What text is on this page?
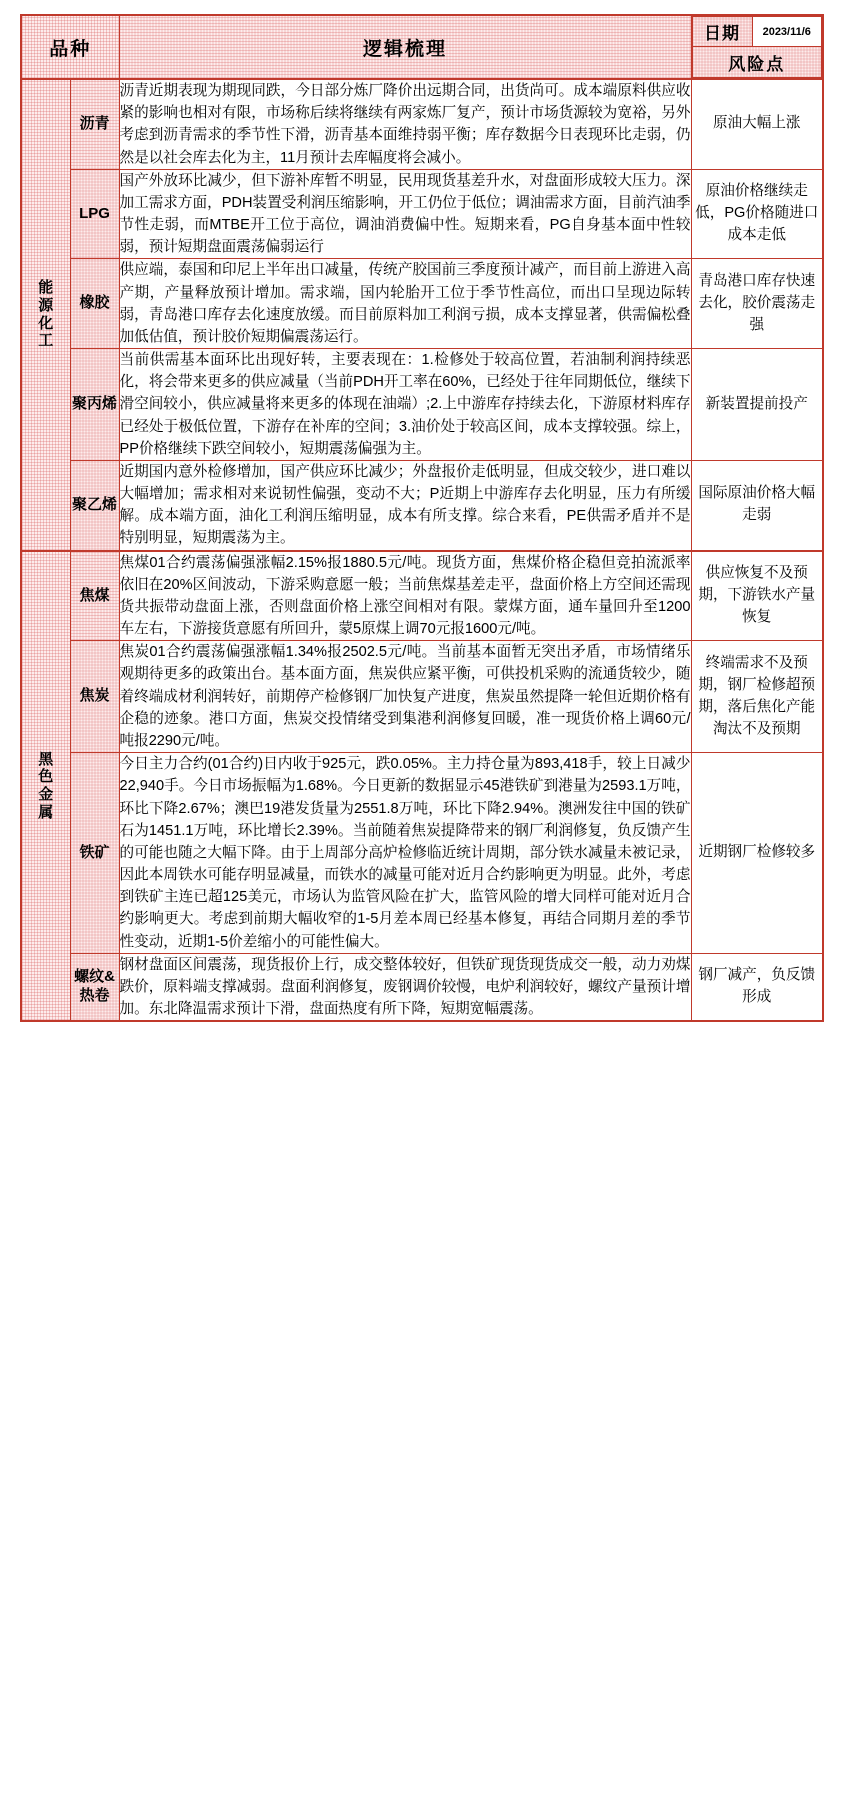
品种	逻辑梳理	
日期	2023/11/6
风险点

能源化工
	沥青	沥青近期表现为期现同跌，今日部分炼厂降价出远期合同，出货尚可。成本端原料供应收紧的影响也相对有限，市场称后续将继续有两家炼厂复产，预计市场货源较为宽裕，另外考虑到沥青需求的季节性下滑，沥青基本面维持弱平衡；库存数据今日表现环比走弱，仍然是以社会库去化为主，11月预计去库幅度将会减小。	原油大幅上涨
LPG	国产外放环比减少，但下游补库暂不明显，民用现货基差升水，对盘面形成较大压力。深加工需求方面，PDH装置受利润压缩影响，开工仍位于低位；调油需求方面，目前汽油季节性走弱，而MTBE开工位于高位，调油消费偏中性。短期来看，PG自身基本面中性较弱，预计短期盘面震荡偏弱运行	原油价格继续走低，PG价格随进口成本走低
橡胶	供应端，泰国和印尼上半年出口减量，传统产胶国前三季度预计减产，而目前上游进入高产期，产量释放预计增加。需求端，国内轮胎开工位于季节性高位，而出口呈现边际转弱，青岛港口库存去化速度放缓。而目前原料加工利润亏损，成本支撑显著，供需偏松叠加低估值，预计胶价短期偏震荡运行。	青岛港口库存快速去化，胶价震荡走强
聚丙烯	当前供需基本面环比出现好转，主要表现在：1.检修处于较高位置，若油制利润持续恶化，将会带来更多的供应减量（当前PDH开工率在60%，已经处于往年同期低位，继续下滑空间较小，供应减量将来更多的体现在油端）;2.上中游库存持续去化，下游原材料库存已经处于极低位置，下游存在补库的空间；3.油价处于较高区间，成本支撑较强。综上，PP价格继续下跌空间较小，短期震荡偏强为主。	新装置提前投产
聚乙烯	近期国内意外检修增加，国产供应环比减少；外盘报价走低明显，但成交较少，进口难以大幅增加；需求相对来说韧性偏强，变动不大；P近期上中游库存去化明显，压力有所缓解。成本端方面，油化工利润压缩明显，成本有所支撑。综合来看，PE供需矛盾并不是特别明显，短期震荡为主。	国际原油价格大幅走弱

黑色金属
	焦煤	焦煤01合约震荡偏强涨幅2.15%报1880.5元/吨。现货方面，焦煤价格企稳但竞拍流派率依旧在20%区间波动，下游采购意愿一般；当前焦煤基差走平，盘面价格上方空间还需现货共振带动盘面上涨，否则盘面价格上涨空间相对有限。蒙煤方面，通车量回升至1200车左右，下游接货意愿有所回升，蒙5原煤上调70元报1600元/吨。	供应恢复不及预期，下游铁水产量恢复
焦炭	焦炭01合约震荡偏强涨幅1.34%报2502.5元/吨。当前基本面暂无突出矛盾，市场情绪乐观期待更多的政策出台。基本面方面，焦炭供应紧平衡，可供投机采购的流通货较少，随着终端成材利润转好，前期停产检修钢厂加快复产进度，焦炭虽然提降一轮但近期价格有企稳的迹象。港口方面，焦炭交投情绪受到集港利润修复回暖，准一现货价格上调60元/吨报2290元/吨。	终端需求不及预期，钢厂检修超预期，落后焦化产能淘汰不及预期
铁矿	今日主力合约(01合约)日内收于925元，跌0.05%。主力持仓量为893,418手，较上日减少22,940手。今日市场振幅为1.68%。今日更新的数据显示45港铁矿到港量为2593.1万吨，环比下降2.67%；澳巴19港发货量为2551.8万吨，环比下降2.94%。澳洲发往中国的铁矿石为1451.1万吨，环比增长2.39%。当前随着焦炭提降带来的钢厂利润修复，负反馈产生的可能也随之大幅下降。由于上周部分高炉检修临近统计周期，部分铁水减量未被记录，因此本周铁水可能存明显减量，而铁水的减量可能对近月合约影响更为明显。此外，考虑到铁矿主连已超125美元，市场认为监管风险在扩大，监管风险的增大同样可能对近月合约影响更大。考虑到前期大幅收窄的1-5月差本周已经基本修复，再结合同期月差的季节性变动，近期1-5价差缩小的可能性偏大。	近期钢厂检修较多
螺纹&热卷	钢材盘面区间震荡，现货报价上行，成交整体较好，但铁矿现货现货成交一般，动力劝煤跌价，原料端支撑减弱。盘面利润修复，废钢调价较慢，电炉利润较好，螺纹产量预计增加。东北降温需求预计下滑，盘面热度有所下降，短期宽幅震荡。	钢厂减产，负反馈形成
